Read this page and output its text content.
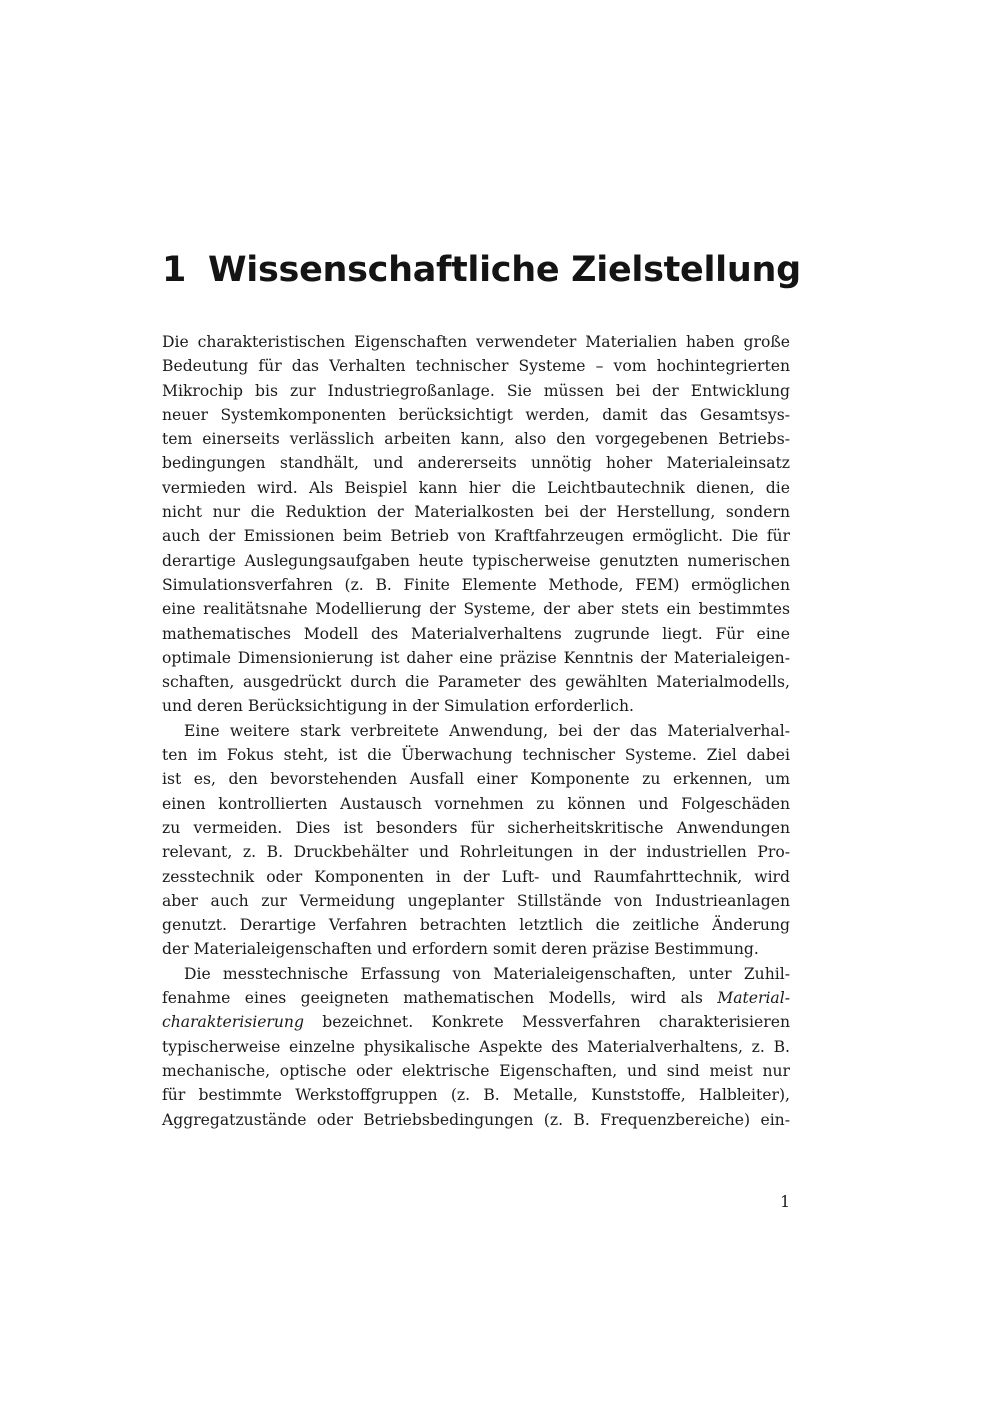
1 Wissenschaftliche Zielstellung
Die charakteristischen Eigenschaften verwendeter Materialien haben große
Bedeutung für das Verhalten technischer Systeme – vom hochintegrierten
Mikrochip bis zur Industriegroßanlage. Sie müssen bei der Entwicklung
neuer Systemkomponenten berücksichtigt werden, damit das Gesamtsys-
tem einerseits verlässlich arbeiten kann, also den vorgegebenen Betriebs-
bedingungen standhält, und andererseits unnötig hoher Materialeinsatz
vermieden wird. Als Beispiel kann hier die Leichtbautechnik dienen, die
nicht nur die Reduktion der Materialkosten bei der Herstellung, sondern
auch der Emissionen beim Betrieb von Kraftfahrzeugen ermöglicht. Die für
derartige Auslegungsaufgaben heute typischerweise genutzten numerischen
Simulationsverfahren (z. B. Finite Elemente Methode, FEM) ermöglichen
eine realitätsnahe Modellierung der Systeme, der aber stets ein bestimmtes
mathematisches Modell des Materialverhaltens zugrunde liegt. Für eine
optimale Dimensionierung ist daher eine präzise Kenntnis der Materialeigen-
schaften, ausgedrückt durch die Parameter des gewählten Materialmodells,
und deren Berücksichtigung in der Simulation erforderlich.
Eine weitere stark verbreitete Anwendung, bei der das Materialverhal-
ten im Fokus steht, ist die Überwachung technischer Systeme. Ziel dabei
ist es, den bevorstehenden Ausfall einer Komponente zu erkennen, um
einen kontrollierten Austausch vornehmen zu können und Folgeschäden
zu vermeiden. Dies ist besonders für sicherheitskritische Anwendungen
relevant, z. B. Druckbehälter und Rohrleitungen in der industriellen Pro-
zesstechnik oder Komponenten in der Luft- und Raumfahrttechnik, wird
aber auch zur Vermeidung ungeplanter Stillstände von Industrieanlagen
genutzt. Derartige Verfahren betrachten letztlich die zeitliche Änderung
der Materialeigenschaften und erfordern somit deren präzise Bestimmung.
Die messtechnische Erfassung von Materialeigenschaften, unter Zuhil-
fenahme eines geeigneten mathematischen Modells, wird als Material-
charakterisierung bezeichnet. Konkrete Messverfahren charakterisieren
typischerweise einzelne physikalische Aspekte des Materialverhaltens, z. B.
mechanische, optische oder elektrische Eigenschaften, und sind meist nur
für bestimmte Werkstoffgruppen (z. B. Metalle, Kunststoffe, Halbleiter),
Aggregatzustände oder Betriebsbedingungen (z. B. Frequenzbereiche) ein-
1
